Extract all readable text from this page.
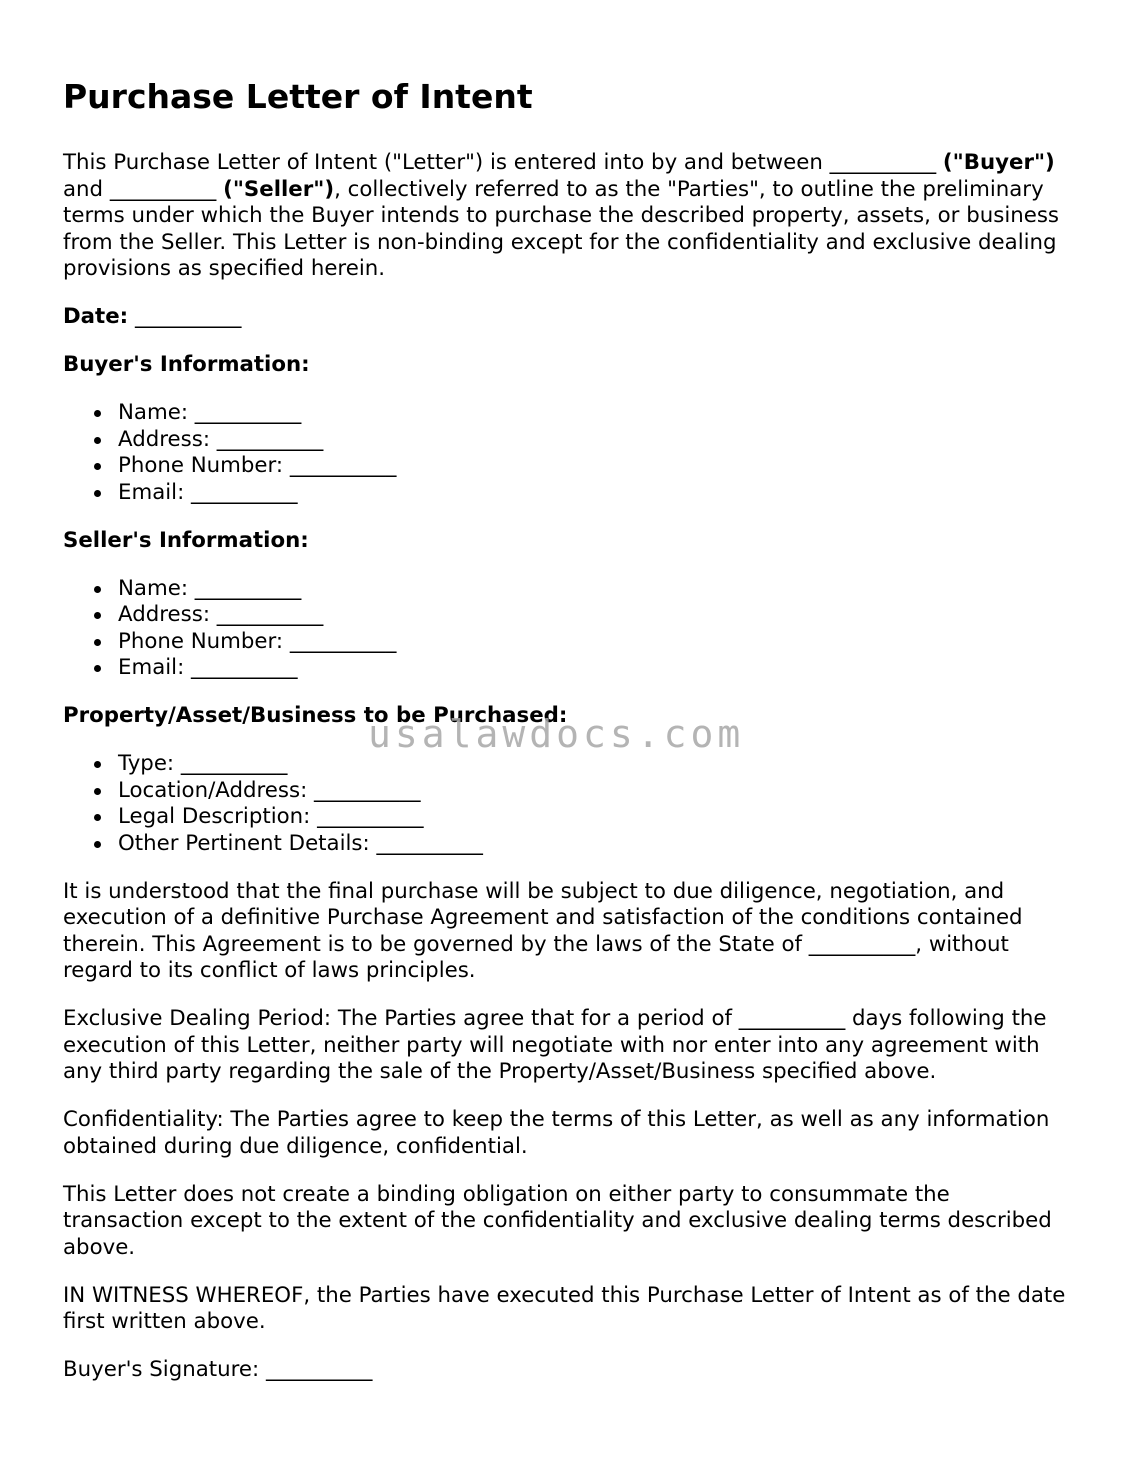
Purchase Letter of Intent

This Purchase Letter of Intent ("Letter") is entered into by and between __________ ("Buyer") and __________ ("Seller"), collectively referred to as the "Parties", to outline the preliminary terms under which the Buyer intends to purchase the described property, assets, or business from the Seller. This Letter is non-binding except for the confidentiality and exclusive dealing provisions as specified herein.

Date: __________

Buyer's Information:

Name: __________
Address: __________
Phone Number: __________
Email: __________

Seller's Information:

Name: __________
Address: __________
Phone Number: __________
Email: __________

Property/Asset/Business to be Purchased:

Type: __________
Location/Address: __________
Legal Description: __________
Other Pertinent Details: __________

It is understood that the final purchase will be subject to due diligence, negotiation, and execution of a definitive Purchase Agreement and satisfaction of the conditions contained therein. This Agreement is to be governed by the laws of the State of __________, without regard to its conflict of laws principles.

Exclusive Dealing Period: The Parties agree that for a period of __________ days following the execution of this Letter, neither party will negotiate with nor enter into any agreement with any third party regarding the sale of the Property/Asset/Business specified above.

Confidentiality: The Parties agree to keep the terms of this Letter, as well as any information obtained during due diligence, confidential.

This Letter does not create a binding obligation on either party to consummate the transaction except to the extent of the confidentiality and exclusive dealing terms described above.

IN WITNESS WHEREOF, the Parties have executed this Purchase Letter of Intent as of the date first written above.

Buyer's Signature: __________

usalawdocs.com
